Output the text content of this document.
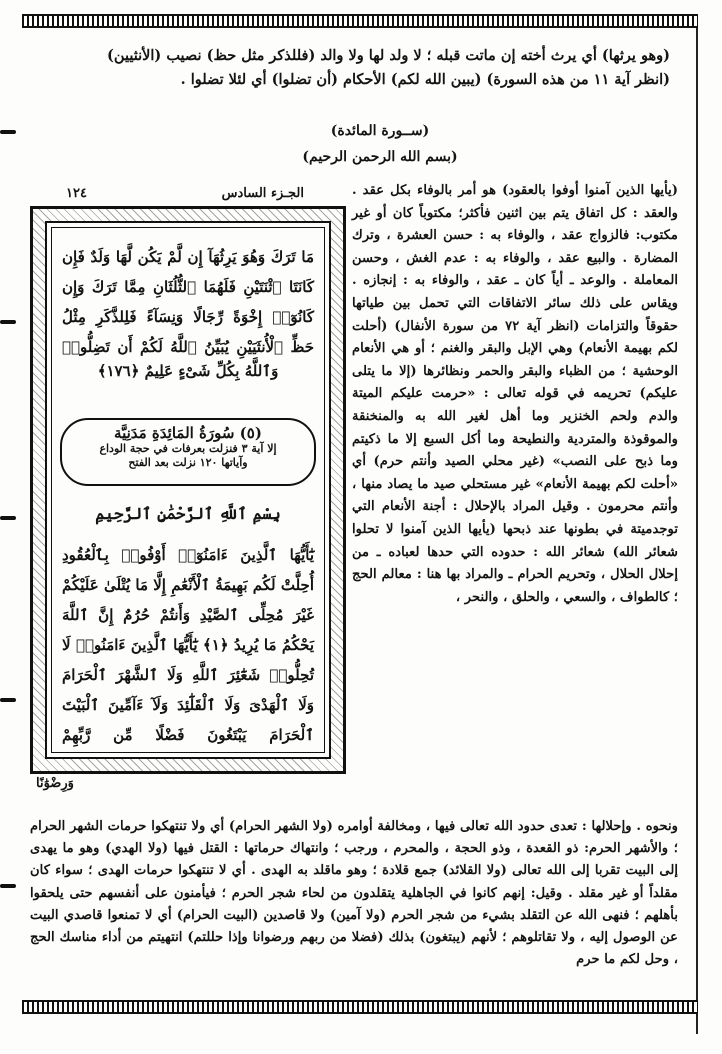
(وهو يرثها) أي يرث أخته إن ماتت قبله ؛ لا ولد لها ولا والد (فللذكر مثل حظ) نصيب (الأنثيين)

(انظر آية ١١ من هذه السورة) (يبين الله لكم) الأحكام (أن تضلوا) أي لئلا تضلوا .

(ســورة المائدة)
(بسم الله الرحمن الرحيم)
الجـزء السادس
١٢٤
مَا تَرَكَ وَهُوَ يَرِثُهَآ إِن لَّمْ يَكُن لَّهَا وَلَدٌ فَإِن كَانَتَا ٱثْنَتَيْنِ فَلَهُمَا ٱلثُّلُثَانِ مِمَّا تَرَكَ وَإِن كَانُوٓا۟ إِخْوَةً رِّجَالًا وَنِسَآءً فَلِلذَّكَرِ مِثْلُ حَظِّ ٱلْأُنثَيَيْنِ يُبَيِّنُ ٱللَّهُ لَكُمْ أَن تَضِلُّوا۟
وَٱللَّهُ بِكُلِّ شَىْءٍ عَلِيمٌ ﴿١٧٦﴾
(٥) سُورَةُ المَائِدَةِ مَدَنِيَّة
إلا آية ٣ فنزلت بعرفات في حجة الوداع
وآياتها ١٢٠ نزلت بعد الفتح
بِسْمِ ٱللَّهِ ٱلرَّحْمَٰنِ ٱلرَّحِيمِ
يَٰٓأَيُّهَا ٱلَّذِينَ ءَامَنُوٓا۟ أَوْفُوا۟ بِٱلْعُقُودِ أُحِلَّتْ لَكُم بَهِيمَةُ ٱلْأَنْعَٰمِ إِلَّا مَا يُتْلَىٰ عَلَيْكُمْ غَيْرَ مُحِلِّى ٱلصَّيْدِ وَأَنتُمْ حُرُمٌ إِنَّ ٱللَّهَ يَحْكُمُ مَا يُرِيدُ ﴿١﴾ يَٰٓأَيُّهَا ٱلَّذِينَ ءَامَنُوا۟ لَا تُحِلُّوا۟ شَعَٰٓئِرَ ٱللَّهِ وَلَا ٱلشَّهْرَ ٱلْحَرَامَ وَلَا ٱلْهَدْىَ وَلَا ٱلْقَلَٰٓئِدَ وَلَآ ءَآمِّينَ ٱلْبَيْتَ ٱلْحَرَامَ يَبْتَغُونَ فَضْلًا مِّن رَّبِّهِمْ
وَرِضْوَٰنًا

(يأيها الذين آمنوا أوفوا بالعقود) هو أمر بالوفاء بكل عقد . والعقد : كل اتفاق يتم بين اثنين فأكثر؛ مكتوباً كان أو غير مكتوب: فالزواج عقد ، والوفاء به : حسن العشرة ، وترك المضارة . والبيع عقد ، والوفاء به : عدم الغش ، وحسن المعاملة . والوعد ـ أياً كان ـ عقد ، والوفاء به : إنجازه . ويقاس على ذلك سائر الاتفاقات التي تحمل بين طياتها حقوقاً والتزامات (انظر آية ٧٢ من سورة الأنفال) (أحلت لكم بهيمة الأنعام) وهي الإبل والبقر والغنم ؛ أو هي الأنعام الوحشية ؛ من الظباء والبقر والحمر ونظائرها (إلا ما يتلى عليكم) تحريمه في قوله تعالى : «حرمت عليكم الميتة والدم ولحم الخنزير وما أهل لغير الله به والمنخنقة والموقوذة والمتردية والنطيحة وما أكل السبع إلا ما ذكيتم وما ذبح على النصب» (غير محلي الصيد وأنتم حرم) أي «أحلت لكم بهيمة الأنعام» غير مستحلي صيد ما يصاد منها ، وأنتم محرمون . وقيل المراد بالإحلال : أجنة الأنعام التي توجدميتة في بطونها عند ذبحها (يأيها الذين آمنوا لا تحلوا شعائر الله) شعائر الله : حدوده التي حدها لعباده ـ من إحلال الحلال ، وتحريم الحرام ـ والمراد بها هنا : معالم الحج ؛ كالطواف ، والسعي ، والحلق ، والنحر ،

ونحوه . وإحلالها : تعدى حدود الله تعالى فيها ، ومخالفة أوامره (ولا الشهر الحرام) أي ولا تنتهكوا حرمات الشهر الحرام ؛ والأشهر الحرم: ذو القعدة ، وذو الحجة ، والمحرم ، ورجب ؛ وانتهاك حرماتها : القتل فيها (ولا الهدي) وهو ما يهدى إلى البيت تقربا إلى الله تعالى (ولا القلائد) جمع قلادة ؛ وهو ماقلد به الهدى . أي لا تنتهكوا حرمات الهدى ؛ سواء كان مقلداً أو غير مقلد . وقيل: إنهم كانوا في الجاهلية يتقلدون من لحاء شجر الحرم ؛ فيأمنون على أنفسهم حتى يلحقوا بأهلهم ؛ فنهى الله عن التقلد بشيء من شجر الحرم (ولا آمين) ولا قاصدين (البيت الحرام) أي لا تمنعوا قاصدي البيت عن الوصول إليه ، ولا تقاتلوهم ؛ لأنهم (يبتغون) بذلك (فضلا من ربهم ورضوانا وإذا حللتم) انتهيتم من أداء مناسك الحج ، وحل لكم ما حرم
